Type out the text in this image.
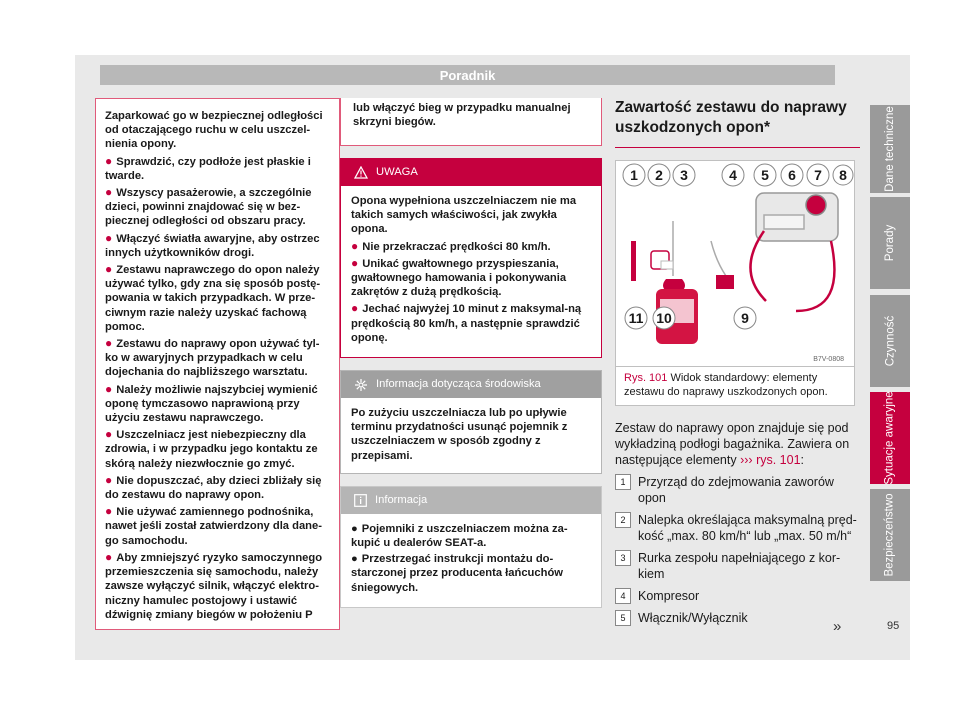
Poradnik

Zaparkować go w bezpiecznej odległości od otaczającego ruchu w celu uszczel-nienia opony.

● Sprawdzić, czy podłoże jest płaskie i twarde.

● Wszyscy pasażerowie, a szczególnie dzieci, powinni znajdować się w bez-piecznej odległości od obszaru pracy.

● Włączyć światła awaryjne, aby ostrzec innych użytkowników drogi.

● Zestawu naprawczego do opon należy używać tylko, gdy zna się sposób postę-powania w takich przypadkach. W prze-ciwnym razie należy uzyskać fachową pomoc.

● Zestawu do naprawy opon używać tyl-ko w awaryjnych przypadkach w celu dojechania do najbliższego warsztatu.

● Należy możliwie najszybciej wymienić oponę tymczasowo naprawioną przy użyciu zestawu naprawczego.

● Uszczelniacz jest niebezpieczny dla zdrowia, i w przypadku jego kontaktu ze skórą należy niezwłocznie go zmyć.

● Nie dopuszczać, aby dzieci zbliżały się do zestawu do naprawy opon.

● Nie używać zamiennego podnośnika, nawet jeśli został zatwierdzony dla dane-go samochodu.

● Aby zmniejszyć ryzyko samoczynnego przemieszczenia się samochodu, należy zawsze wyłączyć silnik, włączyć elektro-niczny hamulec postojowy i ustawić dźwignię zmiany biegów w położeniu P

lub włączyć bieg w przypadku manualnej skrzyni biegów.
UWAGA

Opona wypełniona uszczelniaczem nie ma takich samych właściwości, jak zwykła opona.

● Nie przekraczać prędkości 80 km/h.

● Unikać gwałtownego przyspieszania, gwałtownego hamowania i pokonywania zakrętów z dużą prędkością.

● Jechać najwyżej 10 minut z maksymal-ną prędkością 80 km/h, a następnie sprawdzić oponę.

Informacja dotycząca środowiska
Po zużyciu uszczelniacza lub po upływie terminu przydatności usunąć pojemnik z uszczelniaczem w sposób zgodny z przepisami.
Informacja

● Pojemniki z uszczelniaczem można za-kupić u dealerów SEAT-a.

● Przestrzegać instrukcji montażu do-starczonej przez producenta łańcuchów śniegowych.

Zawartość zestawu do naprawy uszkodzonych opon*
1 2 3	4 5 6 7 8
9
10
11
B7V-0808
Rys. 101 Widok standardowy: elementy zestawu do naprawy uszkodzonych opon.
Zestaw do naprawy opon znajduje się pod wykładziną podłogi bagażnika. Zawiera on następujące elementy ››› rys. 101:
1	Przyrząd do zdejmowania zaworów opon
2	Nalepka określająca maksymalną pręd-kość „max. 80 km/h“ lub „max. 50 m/h“
3	Rurka zespołu napełniającego z kor-kiem
4	Kompresor
5	Włącznik/Wyłącznik	»	95
Dane techniczne
Porady
Czynność
Sytuacje awaryjne
Bezpieczeństwo
